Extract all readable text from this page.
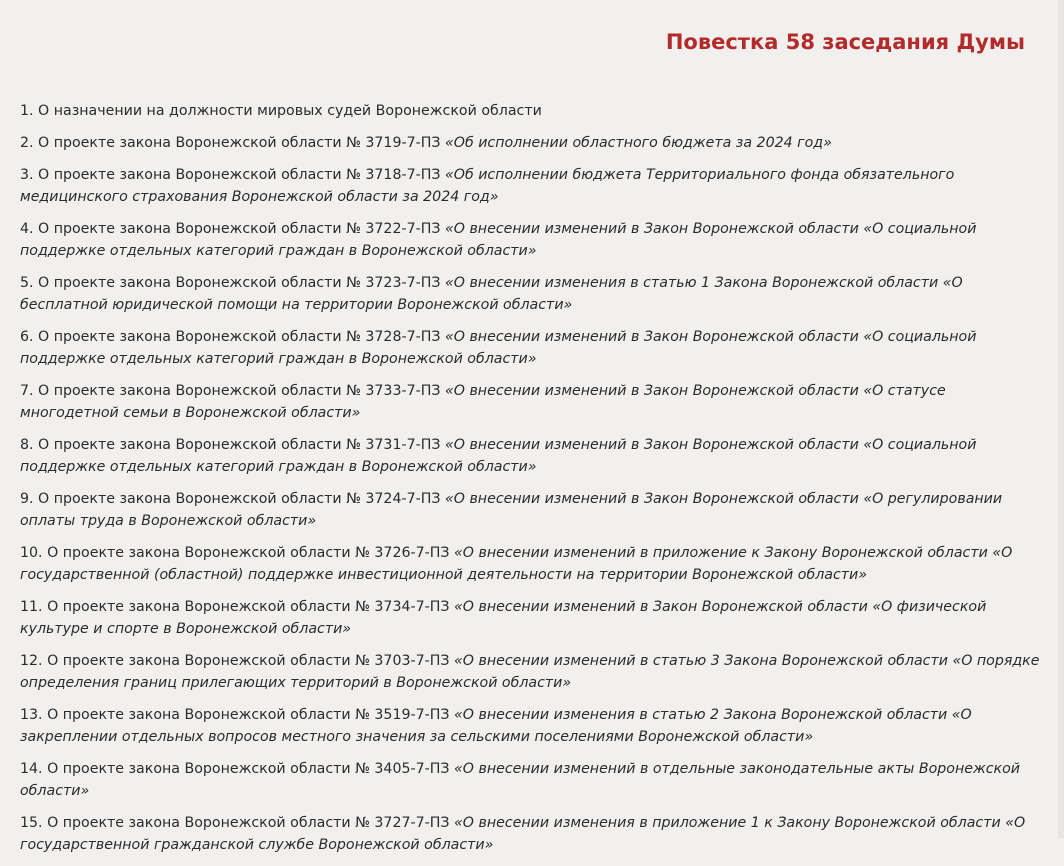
Повестка 58 заседания Думы
1. О назначении на должности мировых судей Воронежской области
2. О проекте закона Воронежской области № 3719-7-ПЗ «Об исполнении областного бюджета за 2024 год»
3. О проекте закона Воронежской области № 3718-7-ПЗ «Об исполнении бюджета Территориального фонда обязательного медицинского страхования Воронежской области за 2024 год»
4. О проекте закона Воронежской области № 3722-7-ПЗ «О внесении изменений в Закон Воронежской области «О социальной поддержке отдельных категорий граждан в Воронежской области»
5. О проекте закона Воронежской области № 3723-7-ПЗ «О внесении изменения в статью 1 Закона Воронежской области «О бесплатной юридической помощи на территории Воронежской области»
6. О проекте закона Воронежской области № 3728-7-ПЗ «О внесении изменений в Закон Воронежской области «О социальной поддержке отдельных категорий граждан в Воронежской области»
7. О проекте закона Воронежской области № 3733-7-ПЗ «О внесении изменений в Закон Воронежской области «О статусе многодетной семьи в Воронежской области»
8. О проекте закона Воронежской области № 3731-7-ПЗ «О внесении изменений в Закон Воронежской области «О социальной поддержке отдельных категорий граждан в Воронежской области»
9. О проекте закона Воронежской области № 3724-7-ПЗ «О внесении изменений в Закон Воронежской области «О регулировании оплаты труда в Воронежской области»
10. О проекте закона Воронежской области № 3726-7-ПЗ «О внесении изменений в приложение к Закону Воронежской области «О государственной (областной) поддержке инвестиционной деятельности на территории Воронежской области»
11. О проекте закона Воронежской области № 3734-7-ПЗ «О внесении изменений в Закон Воронежской области «О физической культуре и спорте в Воронежской области»
12. О проекте закона Воронежской области № 3703-7-ПЗ «О внесении изменений в статью 3 Закона Воронежской области «О порядке определения границ прилегающих территорий в Воронежской области»
13. О проекте закона Воронежской области № 3519-7-ПЗ «О внесении изменения в статью 2 Закона Воронежской области «О закреплении отдельных вопросов местного значения за сельскими поселениями Воронежской области»
14. О проекте закона Воронежской области № 3405-7-ПЗ «О внесении изменений в отдельные законодательные акты Воронежской области»
15. О проекте закона Воронежской области № 3727-7-ПЗ «О внесении изменения в приложение 1 к Закону Воронежской области «О государственной гражданской службе Воронежской области»
